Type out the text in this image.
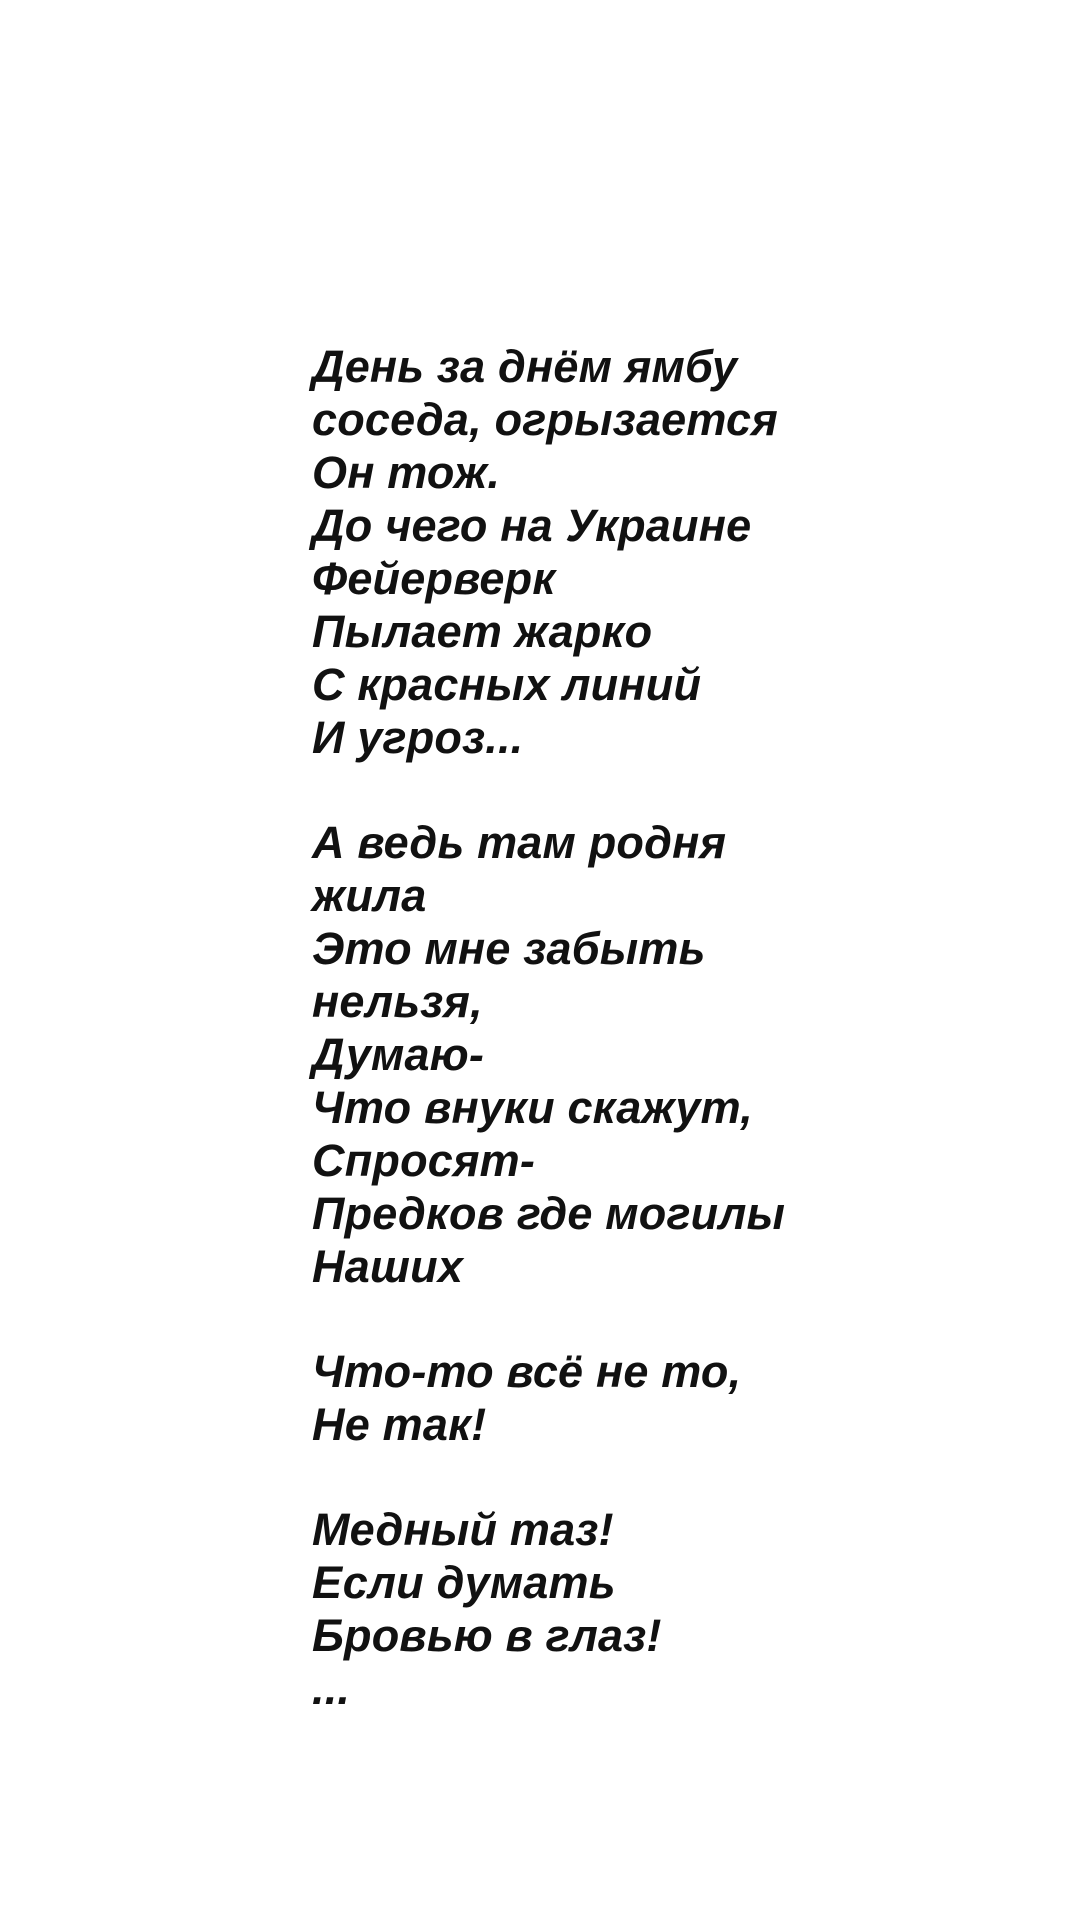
День за днём ямбу
соседа, огрызается
Он тож.
До чего на Украине
Фейерверк
Пылает жарко
С красных линий
И угроз...
А ведь там родня
жила
Это мне забыть
нельзя,
Думаю-
Что внуки скажут,
Спросят-
Предков где могилы
Наших
Что-то всё не то,
Не так!
Медный таз!
Если думать
Бровью в глаз!
...
